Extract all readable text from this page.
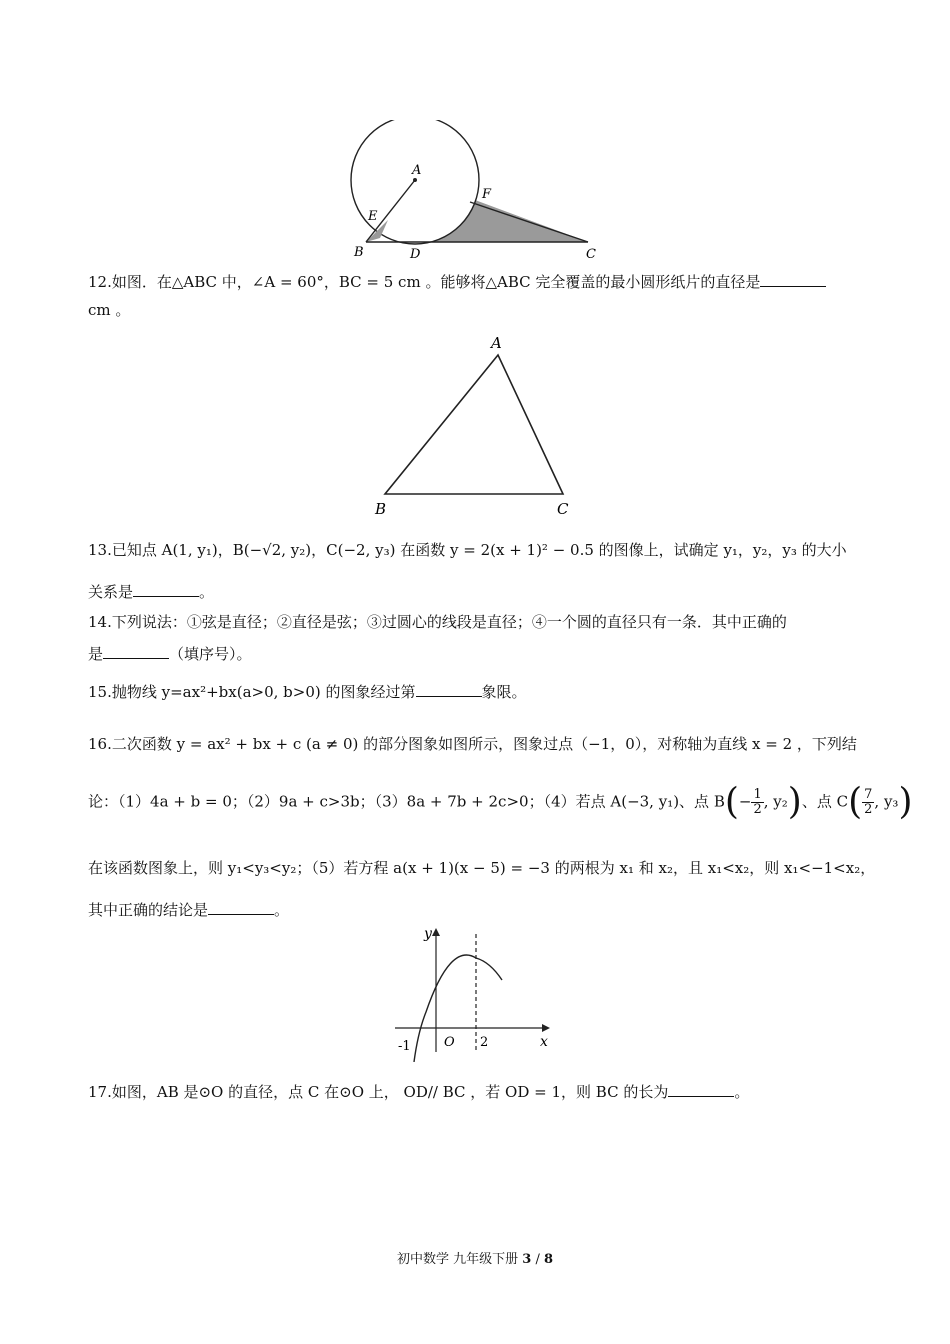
A
B	C
D
E
F
12.如图．在△ABC 中，∠A = 60°，BC = 5 cm 。能够将△ABC 完全覆盖的最小圆形纸片的直径是
cm 。
A
B	C
13.已知点 A(1, y₁)，B(−√2, y₂)，C(−2, y₃) 在函数 y = 2(x + 1)² − 0.5 的图像上，试确定 y₁，y₂，y₃ 的大小
关系是	。
14.下列说法：①弦是直径；②直径是弦；③过圆心的线段是直径；④一个圆的直径只有一条．其中正确的
是	（填序号）。
15.抛物线 y=ax²+bx(a>0, b>0) 的图象经过第	象限。
16.二次函数 y = ax² + bx + c (a ≠ 0) 的部分图象如图所示，图象过点（−1，0），对称轴为直线 x = 2 ，下列结
论：（1）4a + b = 0；（2）9a + c>3b；（3）8a + 7b + 2c>0；（4）若点 A(−3, y₁)、点 $B(- \frac{1}{2}$ , y₂)、点 $C( \frac{7}{2}$ , y₃)
在该函数图象上，则 y₁<y₃<y₂；（5）若方程 a(x + 1)(x − 5) = −3 的两根为 x₁ 和 x₂，且 x₁<x₂，则 x₁<−1<x₂，
其中正确的结论是	。
y
x
O
-1	2
17.如图，AB 是⊙O 的直径，点 C 在⊙O 上， OD// BC ，若 OD = 1，则 BC 的长为	。
初中数学 九年级下册 3 / 8
